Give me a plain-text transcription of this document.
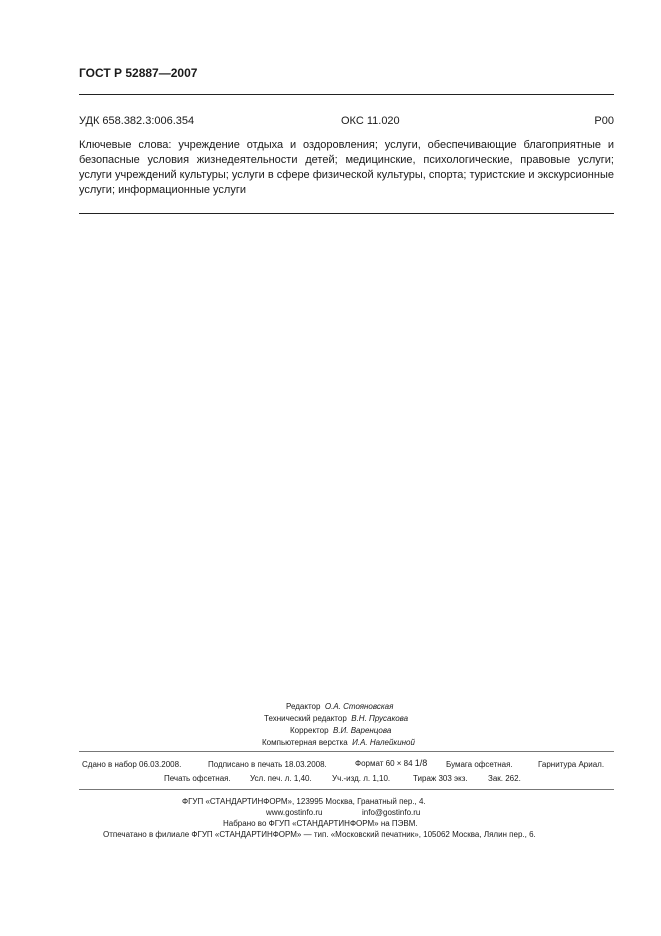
ГОСТ Р 52887—2007
УДК 658.382.3:006.354	ОКС 11.020	Р00
Ключевые слова: учреждение отдыха и оздоровления; услуги, обеспечивающие благоприятные и безопасные условия жизнедеятельности детей; медицинские, психологические, правовые услуги; услуги учреждений культуры; услуги в сфере физической культуры, спорта; туристские и экскурсионные услуги; информационные услуги
Редактор О.А. Стояновская
Технический редактор В.Н. Прусакова
Корректор В.И. Варенцова
Компьютерная верстка И.А. Налейкиной
Сдано в набор 06.03.2008.	Подписано в печать 18.03.2008.	Формат 60 × 84 1/8 Бумага офсетная.	Гарнитура Ариал.
Печать офсетная. Усл. печ. л. 1,40.	Уч.-изд. л. 1,10.	Тираж 303 экз.	Зак. 262.
ФГУП «СТАНДАРТИНФОРМ», 123995 Москва, Гранатный пер., 4.
www.gostinfo.ru	info@gostinfo.ru
Набрано во ФГУП «СТАНДАРТИНФОРМ» на ПЭВМ.
Отпечатано в филиале ФГУП «СТАНДАРТИНФОРМ» — тип. «Московский печатник», 105062 Москва, Лялин пер., 6.
